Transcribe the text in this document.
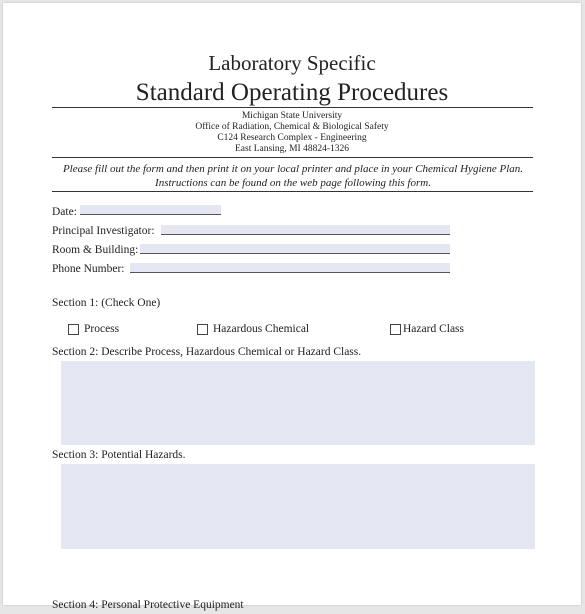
Laboratory Specific
Standard Operating Procedures
Michigan State University
Office of Radiation, Chemical & Biological Safety
C124 Research Complex - Engineering
East Lansing, MI 48824-1326
Please fill out the form and then print it on your local printer and place in your Chemical Hygiene Plan.
Instructions can be found on the web page following this form.
Date:
Principal Investigator:
Room & Building:
Phone Number:
Section 1: (Check One)
Process	Hazardous Chemical	Hazard Class
Section 2: Describe Process, Hazardous Chemical or Hazard Class.
Section 3: Potential Hazards.
Section 4: Personal Protective Equipment
